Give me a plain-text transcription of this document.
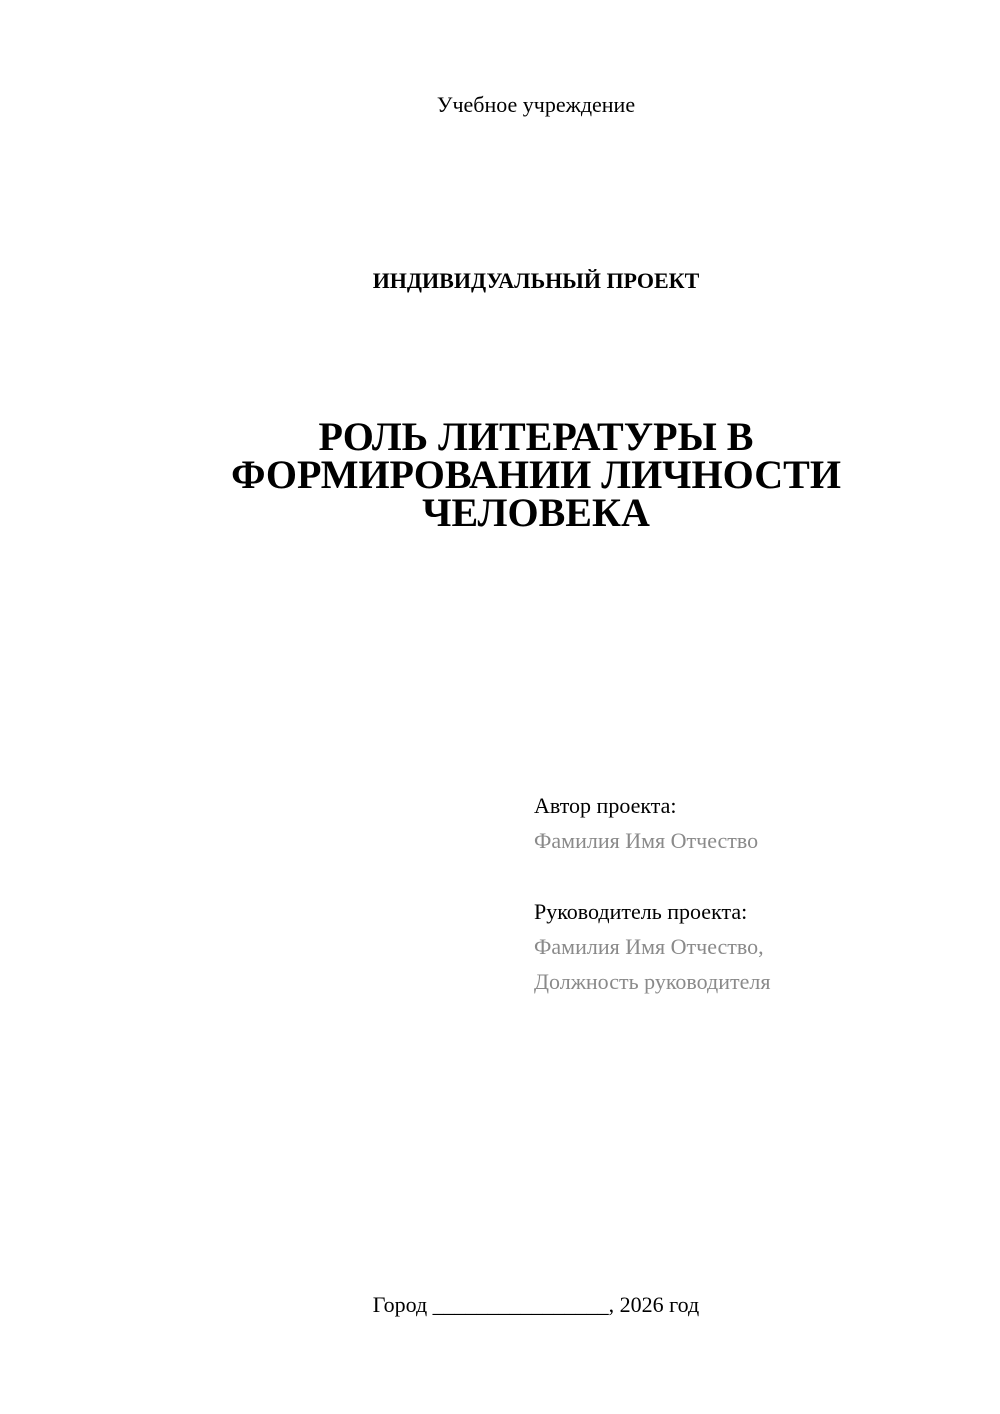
Учебное учреждение
ИНДИВИДУАЛЬНЫЙ ПРОЕКТ
РОЛЬ ЛИТЕРАТУРЫ В
ФОРМИРОВАНИИ ЛИЧНОСТИ
ЧЕЛОВЕКА
Автор проекта:
Фамилия Имя Отчество
Руководитель проекта:
Фамилия Имя Отчество,
Должность руководителя
Город ________________, 2026 год
